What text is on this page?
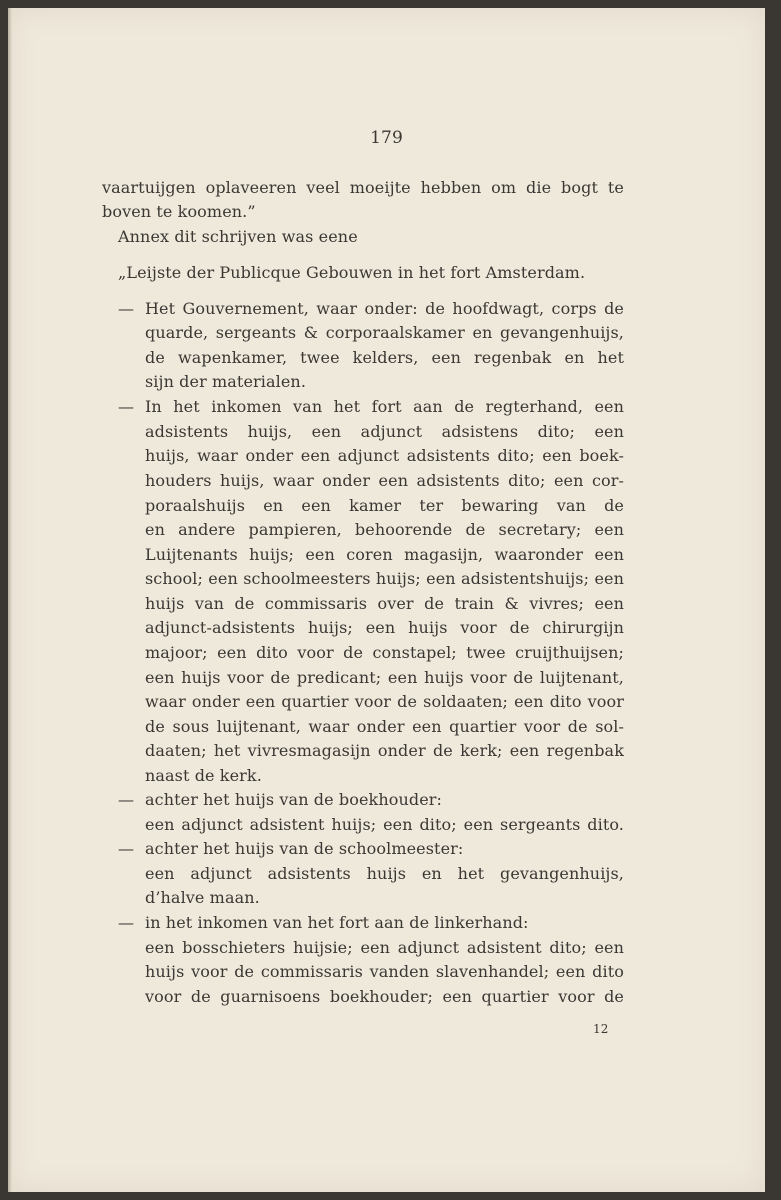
179
vaartuijgen oplaveeren veel moeijte hebben om die bogt te
boven te koomen.”
Annex dit schrijven was eene
„Leijste der Publicque Gebouwen in het fort Amsterdam.
— Het Gouvernement, waar onder: de hoofdwagt, corps de
quarde, sergeants & corporaalskamer en gevangenhuijs,
de wapenkamer, twee kelders, een regenbak en het
sijn der materialen.
— In het inkomen van het fort aan de regterhand, een
adsistents huijs, een adjunct adsistens dito; een
huijs, waar onder een adjunct adsistents dito; een boek-
houders huijs, waar onder een adsistents dito; een cor-
poraalshuijs en een kamer ter bewaring van de
en andere pampieren, behoorende de secretary; een
Luijtenants huijs; een coren magasijn, waaronder een
school; een schoolmeesters huijs; een adsistentshuijs; een
huijs van de commissaris over de train & vivres; een
adjunct-adsistents huijs; een huijs voor de chirurgijn
majoor; een dito voor de constapel; twee cruijthuijsen;
een huijs voor de predicant; een huijs voor de luijtenant,
waar onder een quartier voor de soldaaten; een dito voor
de sous luijtenant, waar onder een quartier voor de sol-
daaten; het vivresmagasijn onder de kerk; een regenbak
naast de kerk.
— achter het huijs van de boekhouder:
een adjunct adsistent huijs; een dito; een sergeants dito.
— achter het huijs van de schoolmeester:
een adjunct adsistents huijs en het gevangenhuijs,
d’halve maan.
— in het inkomen van het fort aan de linkerhand:
een bosschieters huijsie; een adjunct adsistent dito; een
huijs voor de commissaris vanden slavenhandel; een dito
voor de guarnisoens boekhouder; een quartier voor de
12
